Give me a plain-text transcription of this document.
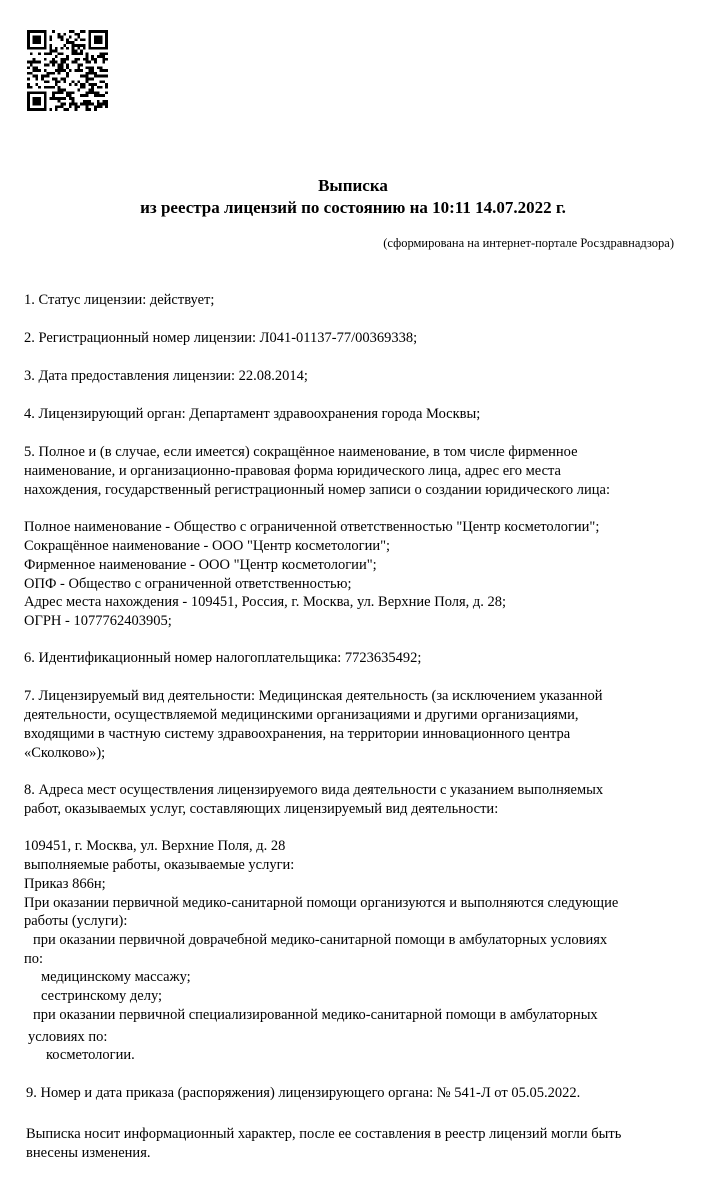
Выписка
из реестра лицензий по состоянию на 10:11 14.07.2022 г.
(сформирована на интернет-портале Росздравнадзора)
1. Статус лицензии: действует;
2. Регистрационный номер лицензии: Л041-01137-77/00369338;
3. Дата предоставления лицензии: 22.08.2014;
4. Лицензирующий орган: Департамент здравоохранения города Москвы;
5. Полное и (в случае, если имеется) сокращённое наименование, в том числе фирменное
наименование, и организационно-правовая форма юридического лица, адрес его места
нахождения, государственный регистрационный номер записи о создании юридического лица:
Полное наименование - Общество с ограниченной ответственностью "Центр косметологии";
Сокращённое наименование - ООО "Центр косметологии";
Фирменное наименование - ООО "Центр косметологии";
ОПФ - Общество с ограниченной ответственностью;
Адрес места нахождения - 109451, Россия, г. Москва, ул. Верхние Поля, д. 28;
ОГРН - 1077762403905;
6. Идентификационный номер налогоплательщика: 7723635492;
7. Лицензируемый вид деятельности: Медицинская деятельность (за исключением указанной
деятельности, осуществляемой медицинскими организациями и другими организациями,
входящими в частную систему здравоохранения, на территории инновационного центра
«Сколково»);
8. Адреса мест осуществления лицензируемого вида деятельности с указанием выполняемых
работ, оказываемых услуг, составляющих лицензируемый вид деятельности:
109451, г. Москва, ул. Верхние Поля, д. 28
выполняемые работы, оказываемые услуги:
Приказ 866н;
При оказании первичной медико-санитарной помощи организуются и выполняются следующие
работы (услуги):
при оказании первичной доврачебной медико-санитарной помощи в амбулаторных условиях
по:
медицинскому массажу;
сестринскому делу;
при оказании первичной специализированной медико-санитарной помощи в амбулаторных
условиях по:
косметологии.
9. Номер и дата приказа (распоряжения) лицензирующего органа: № 541-Л от 05.05.2022.
Выписка носит информационный характер, после ее составления в реестр лицензий могли быть
внесены изменения.
